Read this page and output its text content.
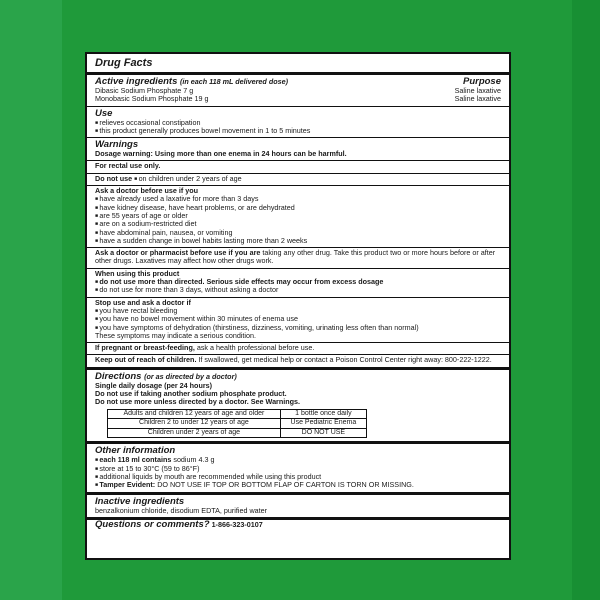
Drug Facts
Active ingredients (in each 118 mL delivered dose)	Purpose
Dibasic Sodium Phosphate 7 g	Saline laxative
Monobasic Sodium Phosphate 19 g	Saline laxative
Use
■ relieves occasional constipation
■ this product generally produces bowel movement in 1 to 5 minutes
Warnings
Dosage warning: Using more than one enema in 24 hours can be harmful.
For rectal use only.
Do not use ■ on children under 2 years of age
Ask a doctor before use if you
■ have already used a laxative for more than 3 days
■ have kidney disease, have heart problems, or are dehydrated
■ are 55 years of age or older
■ are on a sodium-restricted diet
■ have abdominal pain, nausea, or vomiting
■ have a sudden change in bowel habits lasting more than 2 weeks
Ask a doctor or pharmacist before use if you are taking any other drug. Take this product two or more hours before or after other drugs. Laxatives may affect how other drugs work.
When using this product
■ do not use more than directed. Serious side effects may occur from excess dosage
■ do not use for more than 3 days, without asking a doctor
Stop use and ask a doctor if
■ you have rectal bleeding
■ you have no bowel movement within 30 minutes of enema use
■ you have symptoms of dehydration (thirstiness, dizziness, vomiting, urinating less often than normal)
These symptoms may indicate a serious condition.
If pregnant or breast-feeding, ask a health professional before use.
Keep out of reach of children. If swallowed, get medical help or contact a Poison Control Center right away: 800-222-1222.
Directions (or as directed by a doctor)
Single daily dosage (per 24 hours)
Do not use if taking another sodium phosphate product.
Do not use more unless directed by a doctor. See Warnings.
Adults and children 12 years of age and older	1 bottle once daily
Children 2 to under 12 years of age	Use Pediatric Enema
Children under 2 years of age	DO NOT USE
Other information
■ each 118 ml contains sodium 4.3 g
■ store at 15 to 30°C (59 to 86°F)
■ additional liquids by mouth are recommended while using this product
■ Tamper Evident: DO NOT USE IF TOP OR BOTTOM FLAP OF CARTON IS TORN OR MISSING.
Inactive ingredients
benzalkonium chloride, disodium EDTA, purified water
Questions or comments? 1-866-323-0107
